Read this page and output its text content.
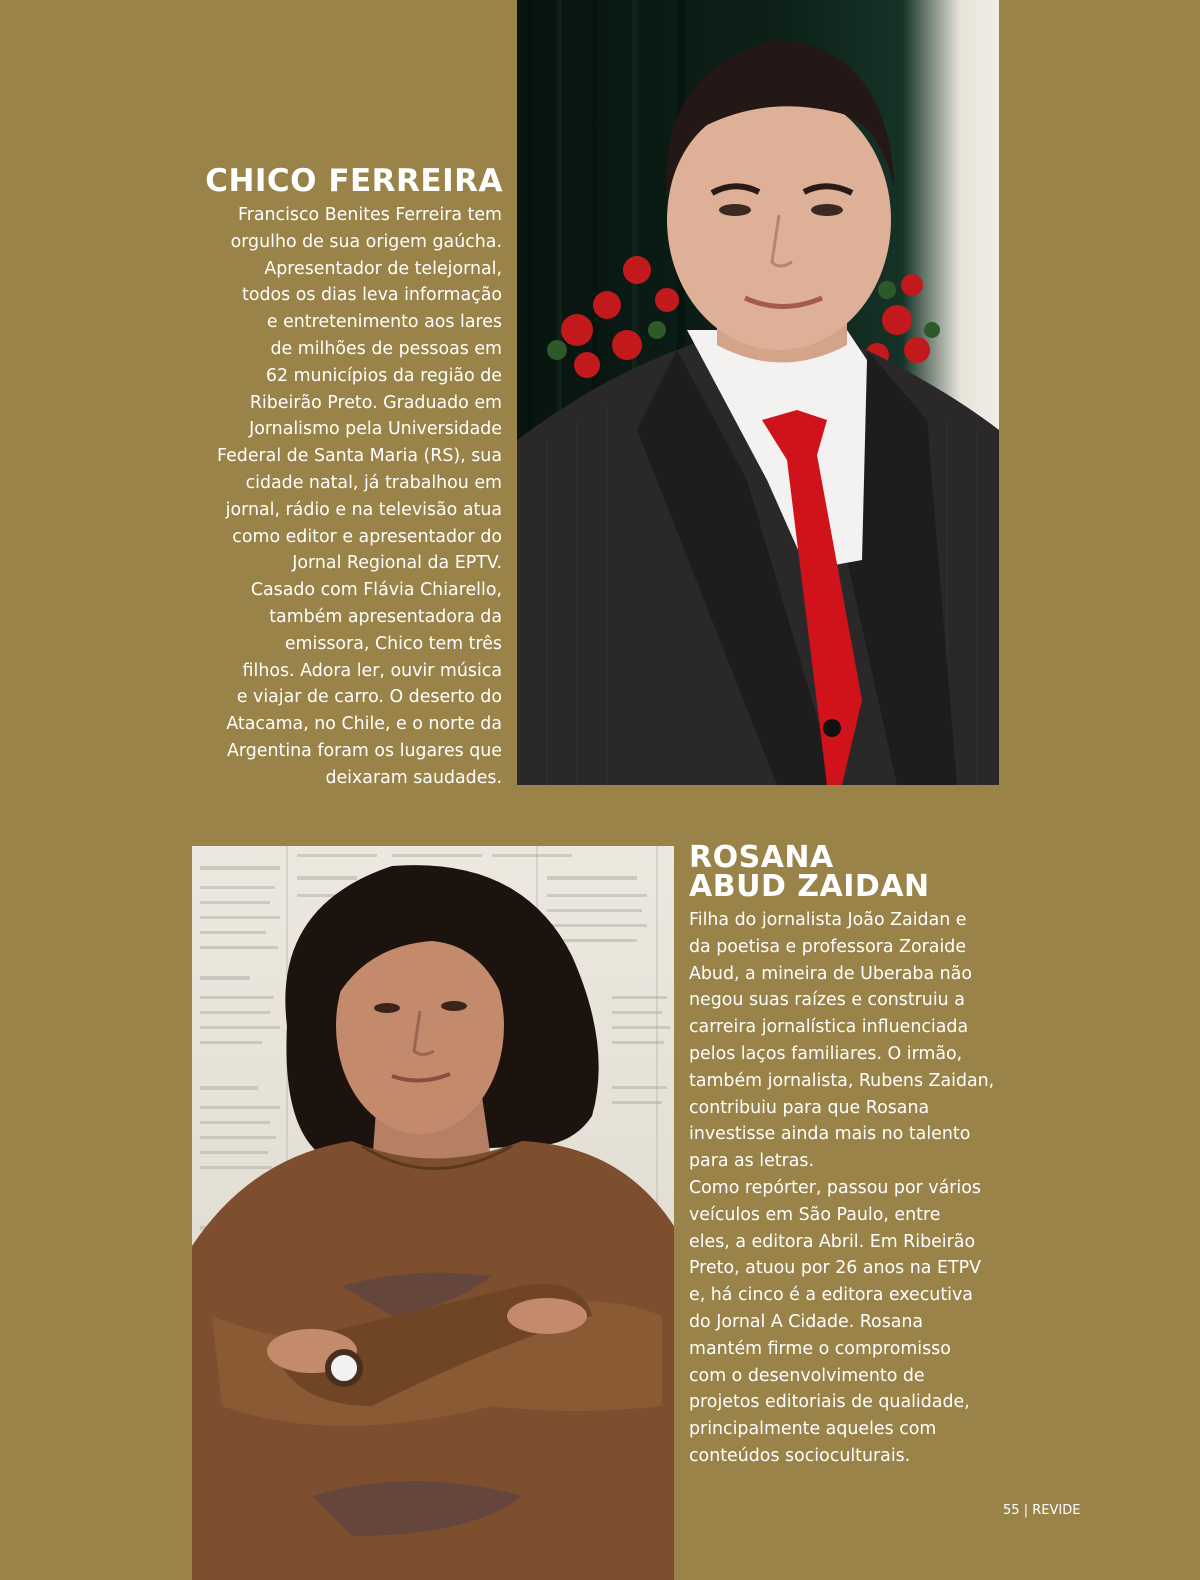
CHICO FERREIRA
Francisco Benites Ferreira tem
orgulho de sua origem gaúcha.
Apresentador de telejornal,
todos os dias leva informação
e entretenimento aos lares
de milhões de pessoas em
62 municípios da região de
Ribeirão Preto. Graduado em
Jornalismo pela Universidade
Federal de Santa Maria (RS), sua
cidade natal, já trabalhou em
jornal, rádio e na televisão atua
como editor e apresentador do
Jornal Regional da EPTV.
Casado com Flávia Chiarello,
também apresentadora da
emissora, Chico tem três
filhos. Adora ler, ouvir música
e viajar de carro. O deserto do
Atacama, no Chile, e o norte da
Argentina foram os lugares que
deixaram saudades.
ROSANA
ABUD ZAIDAN
Filha do jornalista João Zaidan e
da poetisa e professora Zoraide
Abud, a mineira de Uberaba não
negou suas raízes e construiu a
carreira jornalística influenciada
pelos laços familiares. O irmão,
também jornalista, Rubens Zaidan,
contribuiu para que Rosana
investisse ainda mais no talento
para as letras.
Como repórter, passou por vários
veículos em São Paulo, entre
eles, a editora Abril. Em Ribeirão
Preto, atuou por 26 anos na ETPV
e, há cinco é a editora executiva
do Jornal A Cidade. Rosana
mantém firme o compromisso
com o desenvolvimento de
projetos editoriais de qualidade,
principalmente aqueles com
conteúdos socioculturais.
55 | REVIDE
